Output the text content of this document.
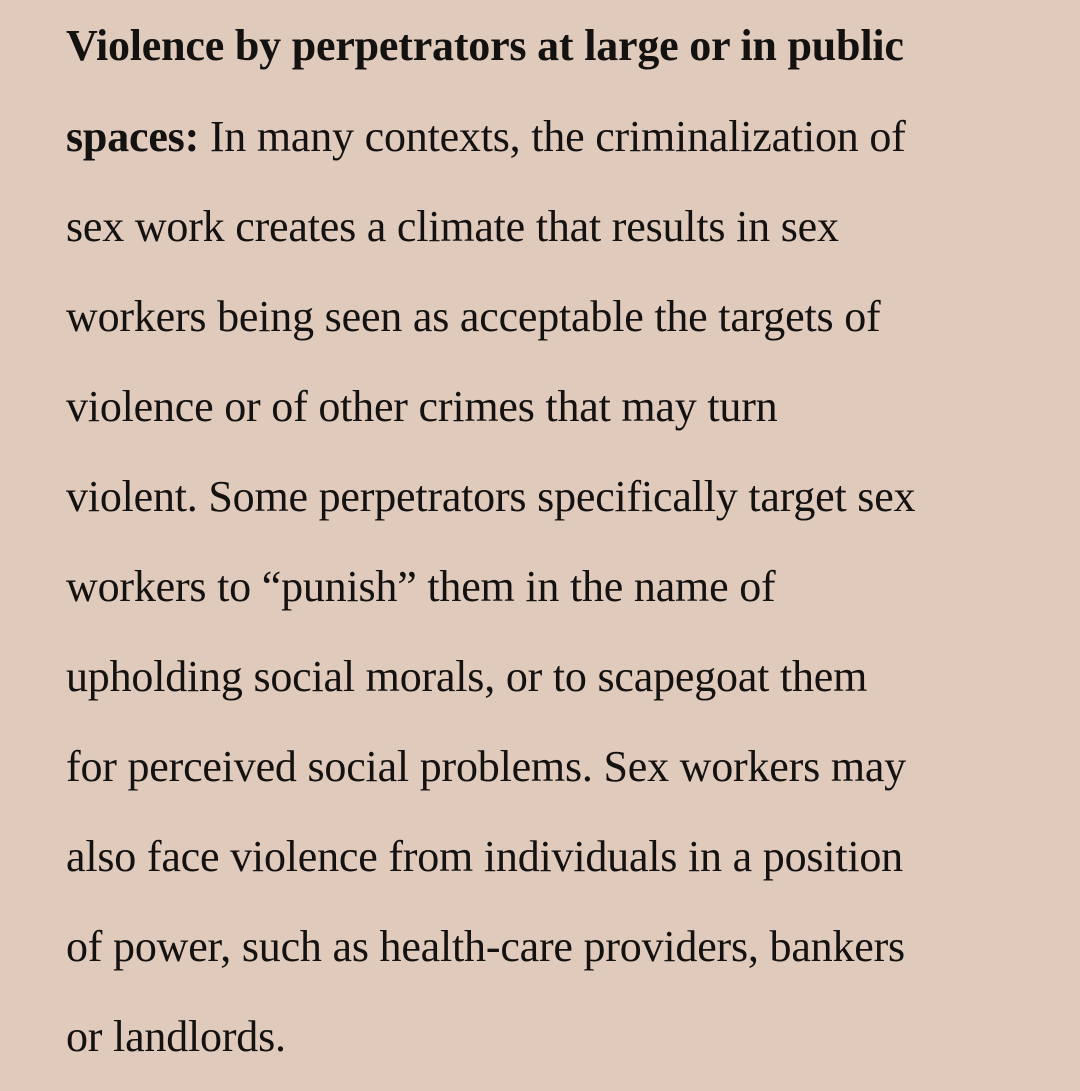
Violence by perpetrators at large or in public
spaces: In many contexts, the criminalization of
sex work creates a climate that results in sex
workers being seen as acceptable the targets of
violence or of other crimes that may turn
violent. Some perpetrators specifically target sex
workers to “punish” them in the name of
upholding social morals, or to scapegoat them
for perceived social problems. Sex workers may
also face violence from individuals in a position
of power, such as health-care providers, bankers
or landlords.
